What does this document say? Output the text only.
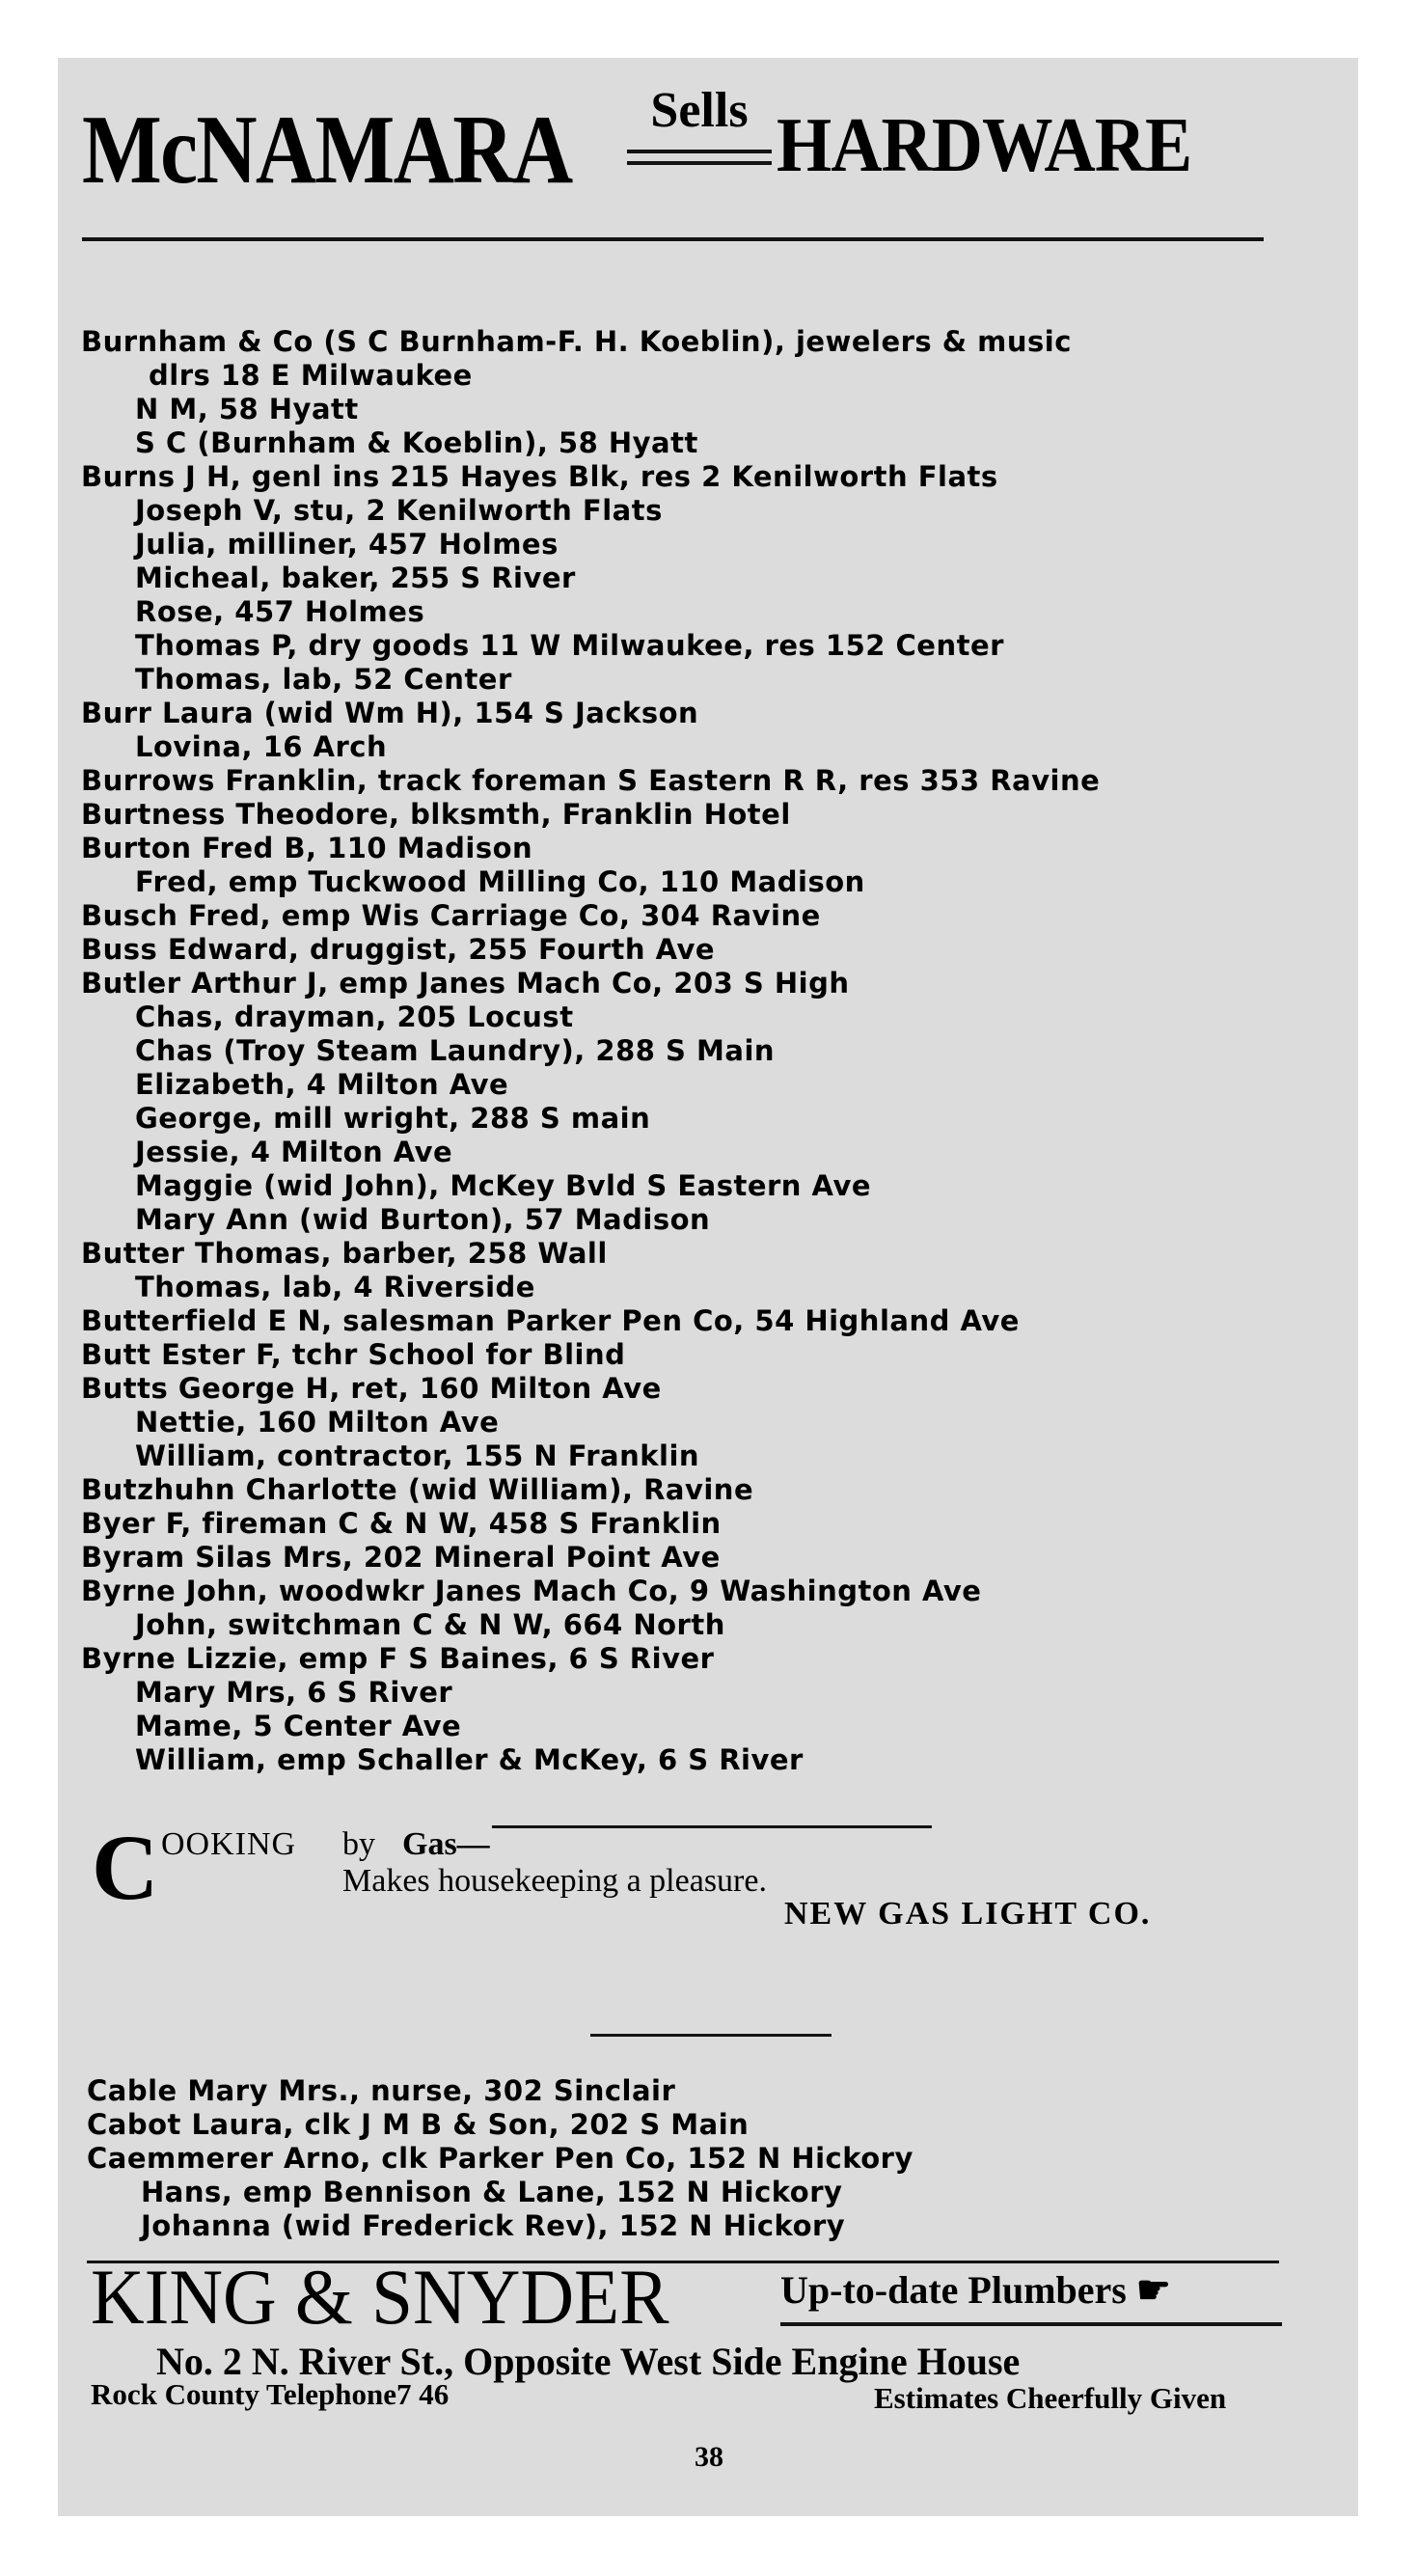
McNAMARA	Sells HARDWARE
Burnham & Co (S C Burnham-F. H. Koeblin), jewelers & music
dlrs 18 E Milwaukee
N M, 58 Hyatt
S C (Burnham & Koeblin), 58 Hyatt
Burns J H, genl ins 215 Hayes Blk, res 2 Kenilworth Flats
Joseph V, stu, 2 Kenilworth Flats
Julia, milliner, 457 Holmes
Micheal, baker, 255 S River
Rose, 457 Holmes
Thomas P, dry goods 11 W Milwaukee, res 152 Center
Thomas, lab, 52 Center
Burr Laura (wid Wm H), 154 S Jackson
Lovina, 16 Arch
Burrows Franklin, track foreman S Eastern R R, res 353 Ravine
Burtness Theodore, blksmth, Franklin Hotel
Burton Fred B, 110 Madison
Fred, emp Tuckwood Milling Co, 110 Madison
Busch Fred, emp Wis Carriage Co, 304 Ravine
Buss Edward, druggist, 255 Fourth Ave
Butler Arthur J, emp Janes Mach Co, 203 S High
Chas, drayman, 205 Locust
Chas (Troy Steam Laundry), 288 S Main
Elizabeth, 4 Milton Ave
George, mill wright, 288 S main
Jessie, 4 Milton Ave
Maggie (wid John), McKey Bvld S Eastern Ave
Mary Ann (wid Burton), 57 Madison
Butter Thomas, barber, 258 Wall
Thomas, lab, 4 Riverside
Butterfield E N, salesman Parker Pen Co, 54 Highland Ave
Butt Ester F, tchr School for Blind
Butts George H, ret, 160 Milton Ave
Nettie, 160 Milton Ave
William, contractor, 155 N Franklin
Butzhuhn Charlotte (wid William), Ravine
Byer F, fireman C & N W, 458 S Franklin
Byram Silas Mrs, 202 Mineral Point Ave
Byrne John, woodwkr Janes Mach Co, 9 Washington Ave
John, switchman C & N W, 664 North
Byrne Lizzie, emp F S Baines, 6 S River
Mary Mrs, 6 S River
Mame, 5 Center Ave
William, emp Schaller & McKey, 6 S River
C OOKING by Gas—
Makes housekeeping a pleasure.
NEW GAS LIGHT CO.
Cable Mary Mrs., nurse, 302 Sinclair
Cabot Laura, clk J M B & Son, 202 S Main
Caemmerer Arno, clk Parker Pen Co, 152 N Hickory
Hans, emp Bennison & Lane, 152 N Hickory
Johanna (wid Frederick Rev), 152 N Hickory
KING & SNYDER	Up-to-date Plumbers ☛
No. 2 N. River St., Opposite West Side Engine House
Rock County Telephone7 46	Estimates Cheerfully Given
38
